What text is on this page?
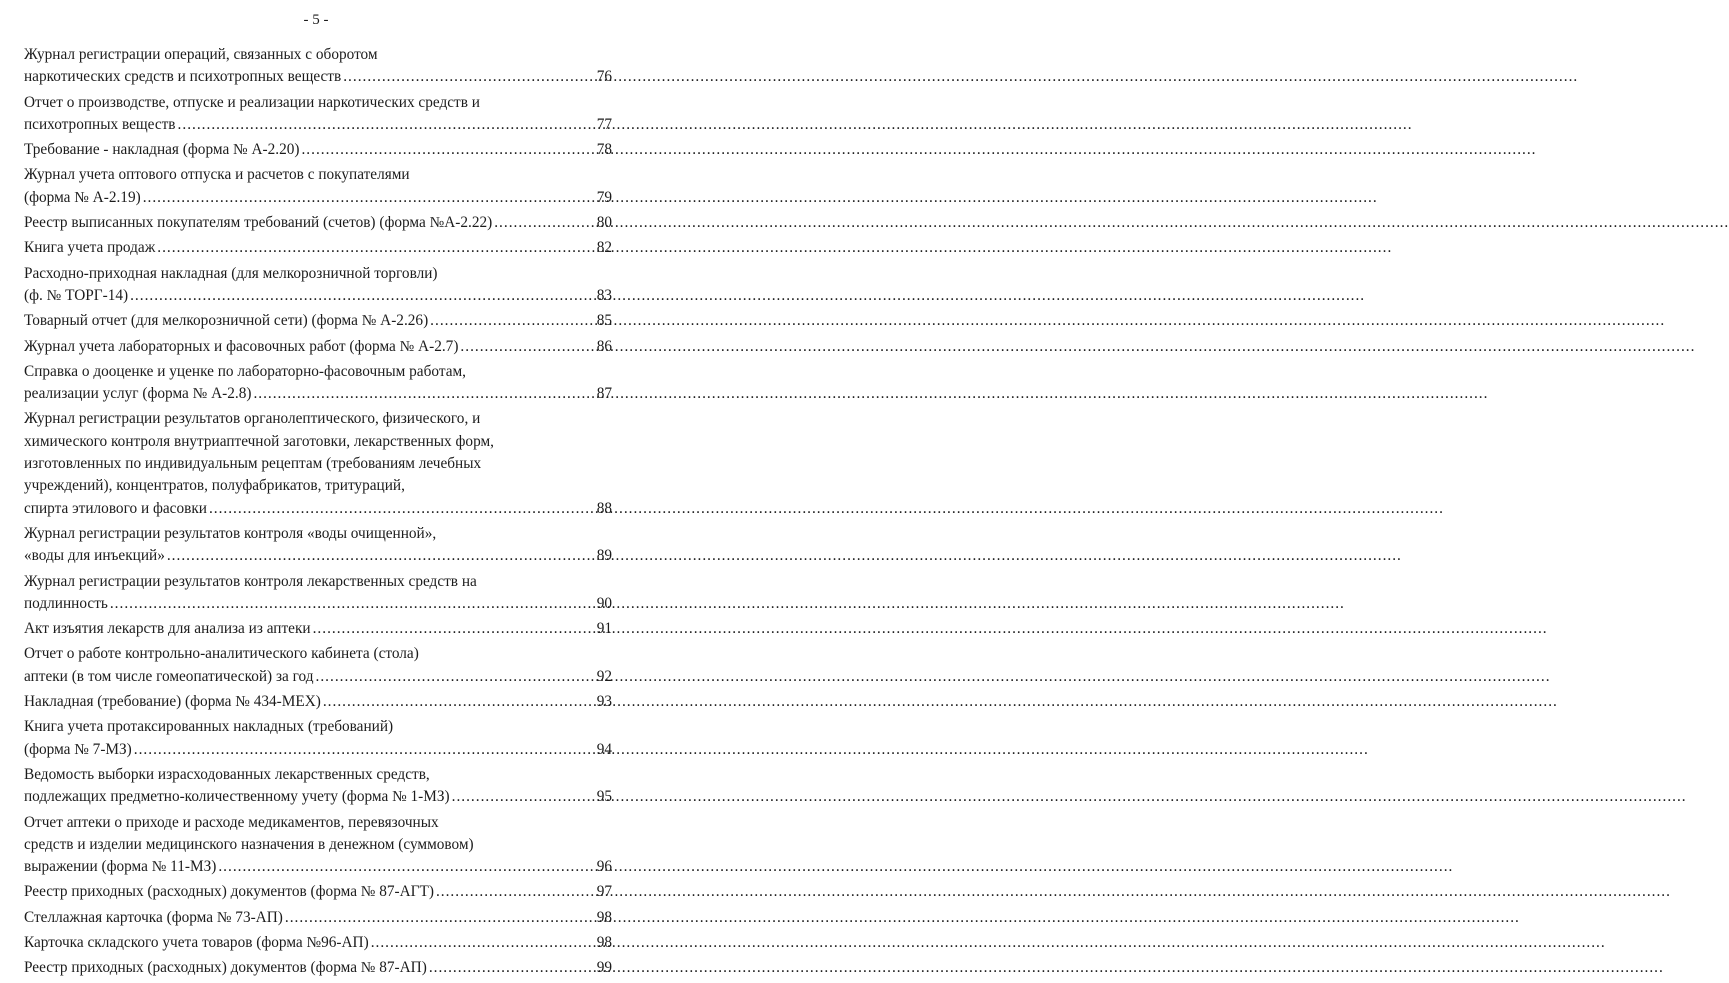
- 5 -
Журнал регистрации операций, связанных с оборотом
наркотических средств и психотропных веществ .....	76
Отчет о производстве, отпуске и реализации наркотических средств и
психотропных веществ .....	77
Требование - накладная (форма № А-2.20) .....	78
Журнал учета оптового отпуска и расчетов с покупателями
(форма № А-2.19) .....	79
Реестр выписанных покупателям требований (счетов) (форма №А-2.22) .....	80
Книга учета продаж .....	82
Расходно-приходная накладная (для мелкорозничной торговли)
(ф. № ТОРГ-14) .....	83
Товарный отчет (для мелкорозничной сети) (форма № А-2.26) .....	85
Журнал учета лабораторных и фасовочных работ (форма № А-2.7) .....	86
Справка о дооценке и уценке по лабораторно-фасовочным работам,
реализации услуг (форма № А-2.8) .....	87
Журнал регистрации результатов органолептического, физического, и
химического контроля внутриаптечной заготовки, лекарственных форм,
изготовленных по индивидуальным рецептам (требованиям лечебных
учреждений), концентратов, полуфабрикатов, тритураций,
спирта этилового и фасовки .....	88
Журнал регистрации результатов контроля «воды очищенной»,
«воды для инъекций» .....	89
Журнал регистрации результатов контроля лекарственных средств на
подлинность .....	90
Акт изъятия лекарств для анализа из аптеки .....	91
Отчет о работе контрольно-аналитического кабинета (стола)
аптеки (в том числе гомеопатической) за год .....	92
Накладная (требование) (форма № 434-МЕХ) .....	93
Книга учета протаксированных накладных (требований)
(форма № 7-МЗ) .....	94
Ведомость выборки израсходованных лекарственных средств,
подлежащих предметно-количественному учету (форма № 1-МЗ) .....	95
Отчет аптеки о приходе и расходе медикаментов, перевязочных
средств и изделии медицинского назначения в денежном (суммовом)
выражении (форма № 11-МЗ) .....	96
Реестр приходных (расходных) документов (форма № 87-АГТ) .....	97
Стеллажная карточка (форма № 73-АП) .....	98
Карточка складского учета товаров (форма №96-АП) .....	98
Реестр приходных (расходных) документов (форма № 87-АП) .....	99
